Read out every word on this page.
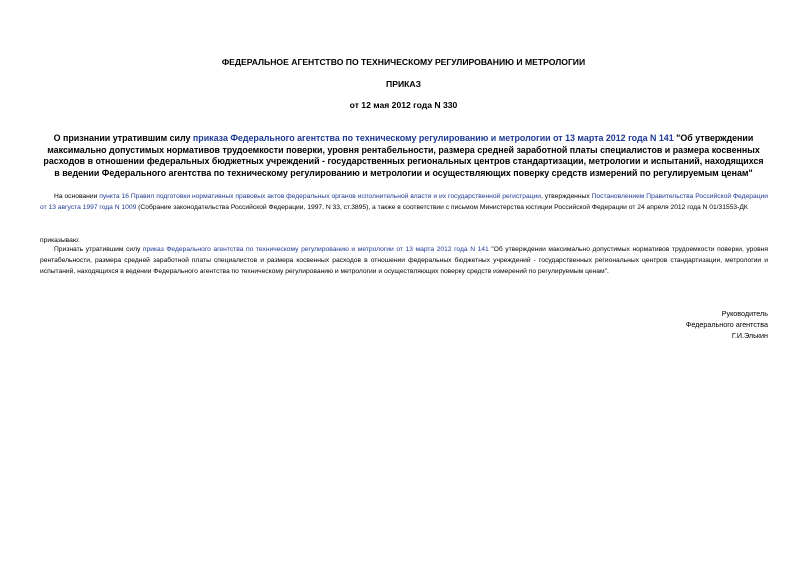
ФЕДЕРАЛЬНОЕ АГЕНТСТВО ПО ТЕХНИЧЕСКОМУ РЕГУЛИРОВАНИЮ И МЕТРОЛОГИИ
ПРИКАЗ
от 12 мая 2012 года N 330
О признании утратившим силу приказа Федерального агентства по техническому регулированию и метрологии от 13 марта 2012 года N 141 "Об утверждении максимально допустимых нормативов трудоемкости поверки, уровня рентабельности, размера средней заработной платы специалистов и размера косвенных расходов в отношении федеральных бюджетных учреждений - государственных региональных центров стандартизации, метрологии и испытаний, находящихся в ведении Федерального агентства по техническому регулированию и метрологии и осуществляющих поверку средств измерений по регулируемым ценам"
На основании пункта 16 Правил подготовки нормативных правовых актов федеральных органов исполнительной власти и их государственной регистрации, утвержденных Постановлением Правительства Российской Федерации от 13 августа 1997 года N 1009 (Собрание законодательства Российской Федерации, 1997, N 33, ст.3895), а также в соответствии с письмом Министерства юстиции Российской Федерации от 24 апреля 2012 года N 01/31553-ДК
приказываю:
Признать утратившим силу приказ Федерального агентства по техническому регулированию и метрологии от 13 марта 2012 года N 141 "Об утверждении максимально допустимых нормативов трудоемкости поверки, уровня рентабельности, размера средней заработной платы специалистов и размера косвенных расходов в отношении федеральных бюджетных учреждений - государственных региональных центров стандартизации, метрологии и испытаний, находящихся в ведении Федерального агентства по техническому регулированию и метрологии и осуществляющих поверку средств измерений по регулируемым ценам".
Руководитель
Федерального агентства
Г.И.Элькин
